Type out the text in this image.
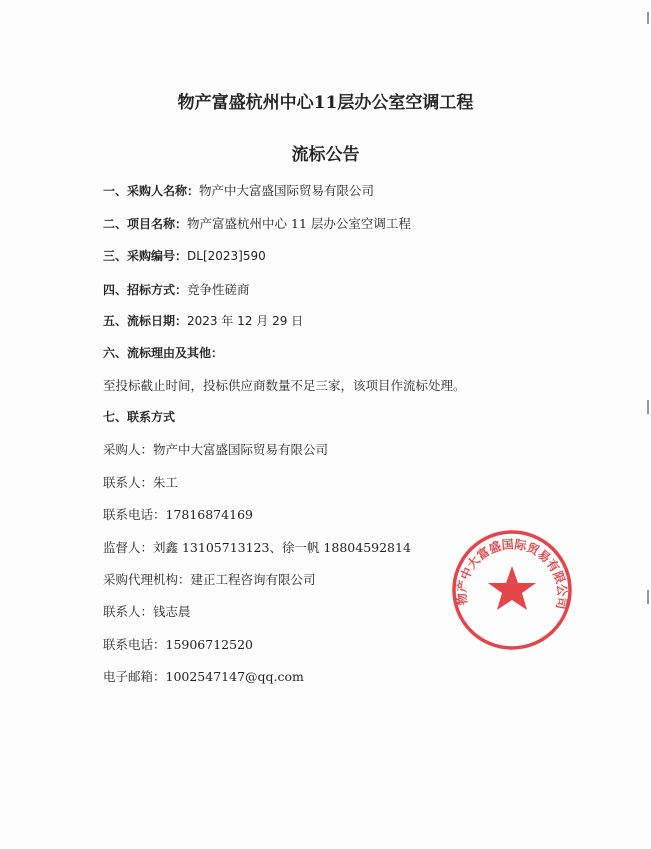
物产富盛杭州中心11层办公室空调工程
流标公告
一、采购人名称：物产中大富盛国际贸易有限公司
二、项目名称：物产富盛杭州中心 11 层办公室空调工程
三、采购编号：DL[2023]590
四、招标方式：竞争性磋商
五、流标日期：2023 年 12 月 29 日
六、流标理由及其他：
至投标截止时间，投标供应商数量不足三家，该项目作流标处理。
七、联系方式
采购人：物产中大富盛国际贸易有限公司
联系人：朱工
联系电话：17816874169
监督人：刘鑫 13105713123、徐一帆 18804592814
采购代理机构：建正工程咨询有限公司
联系人：钱志晨
联系电话：15906712520
电子邮箱：1002547147@qq.com
物产中大富盛国际贸易有限公司
